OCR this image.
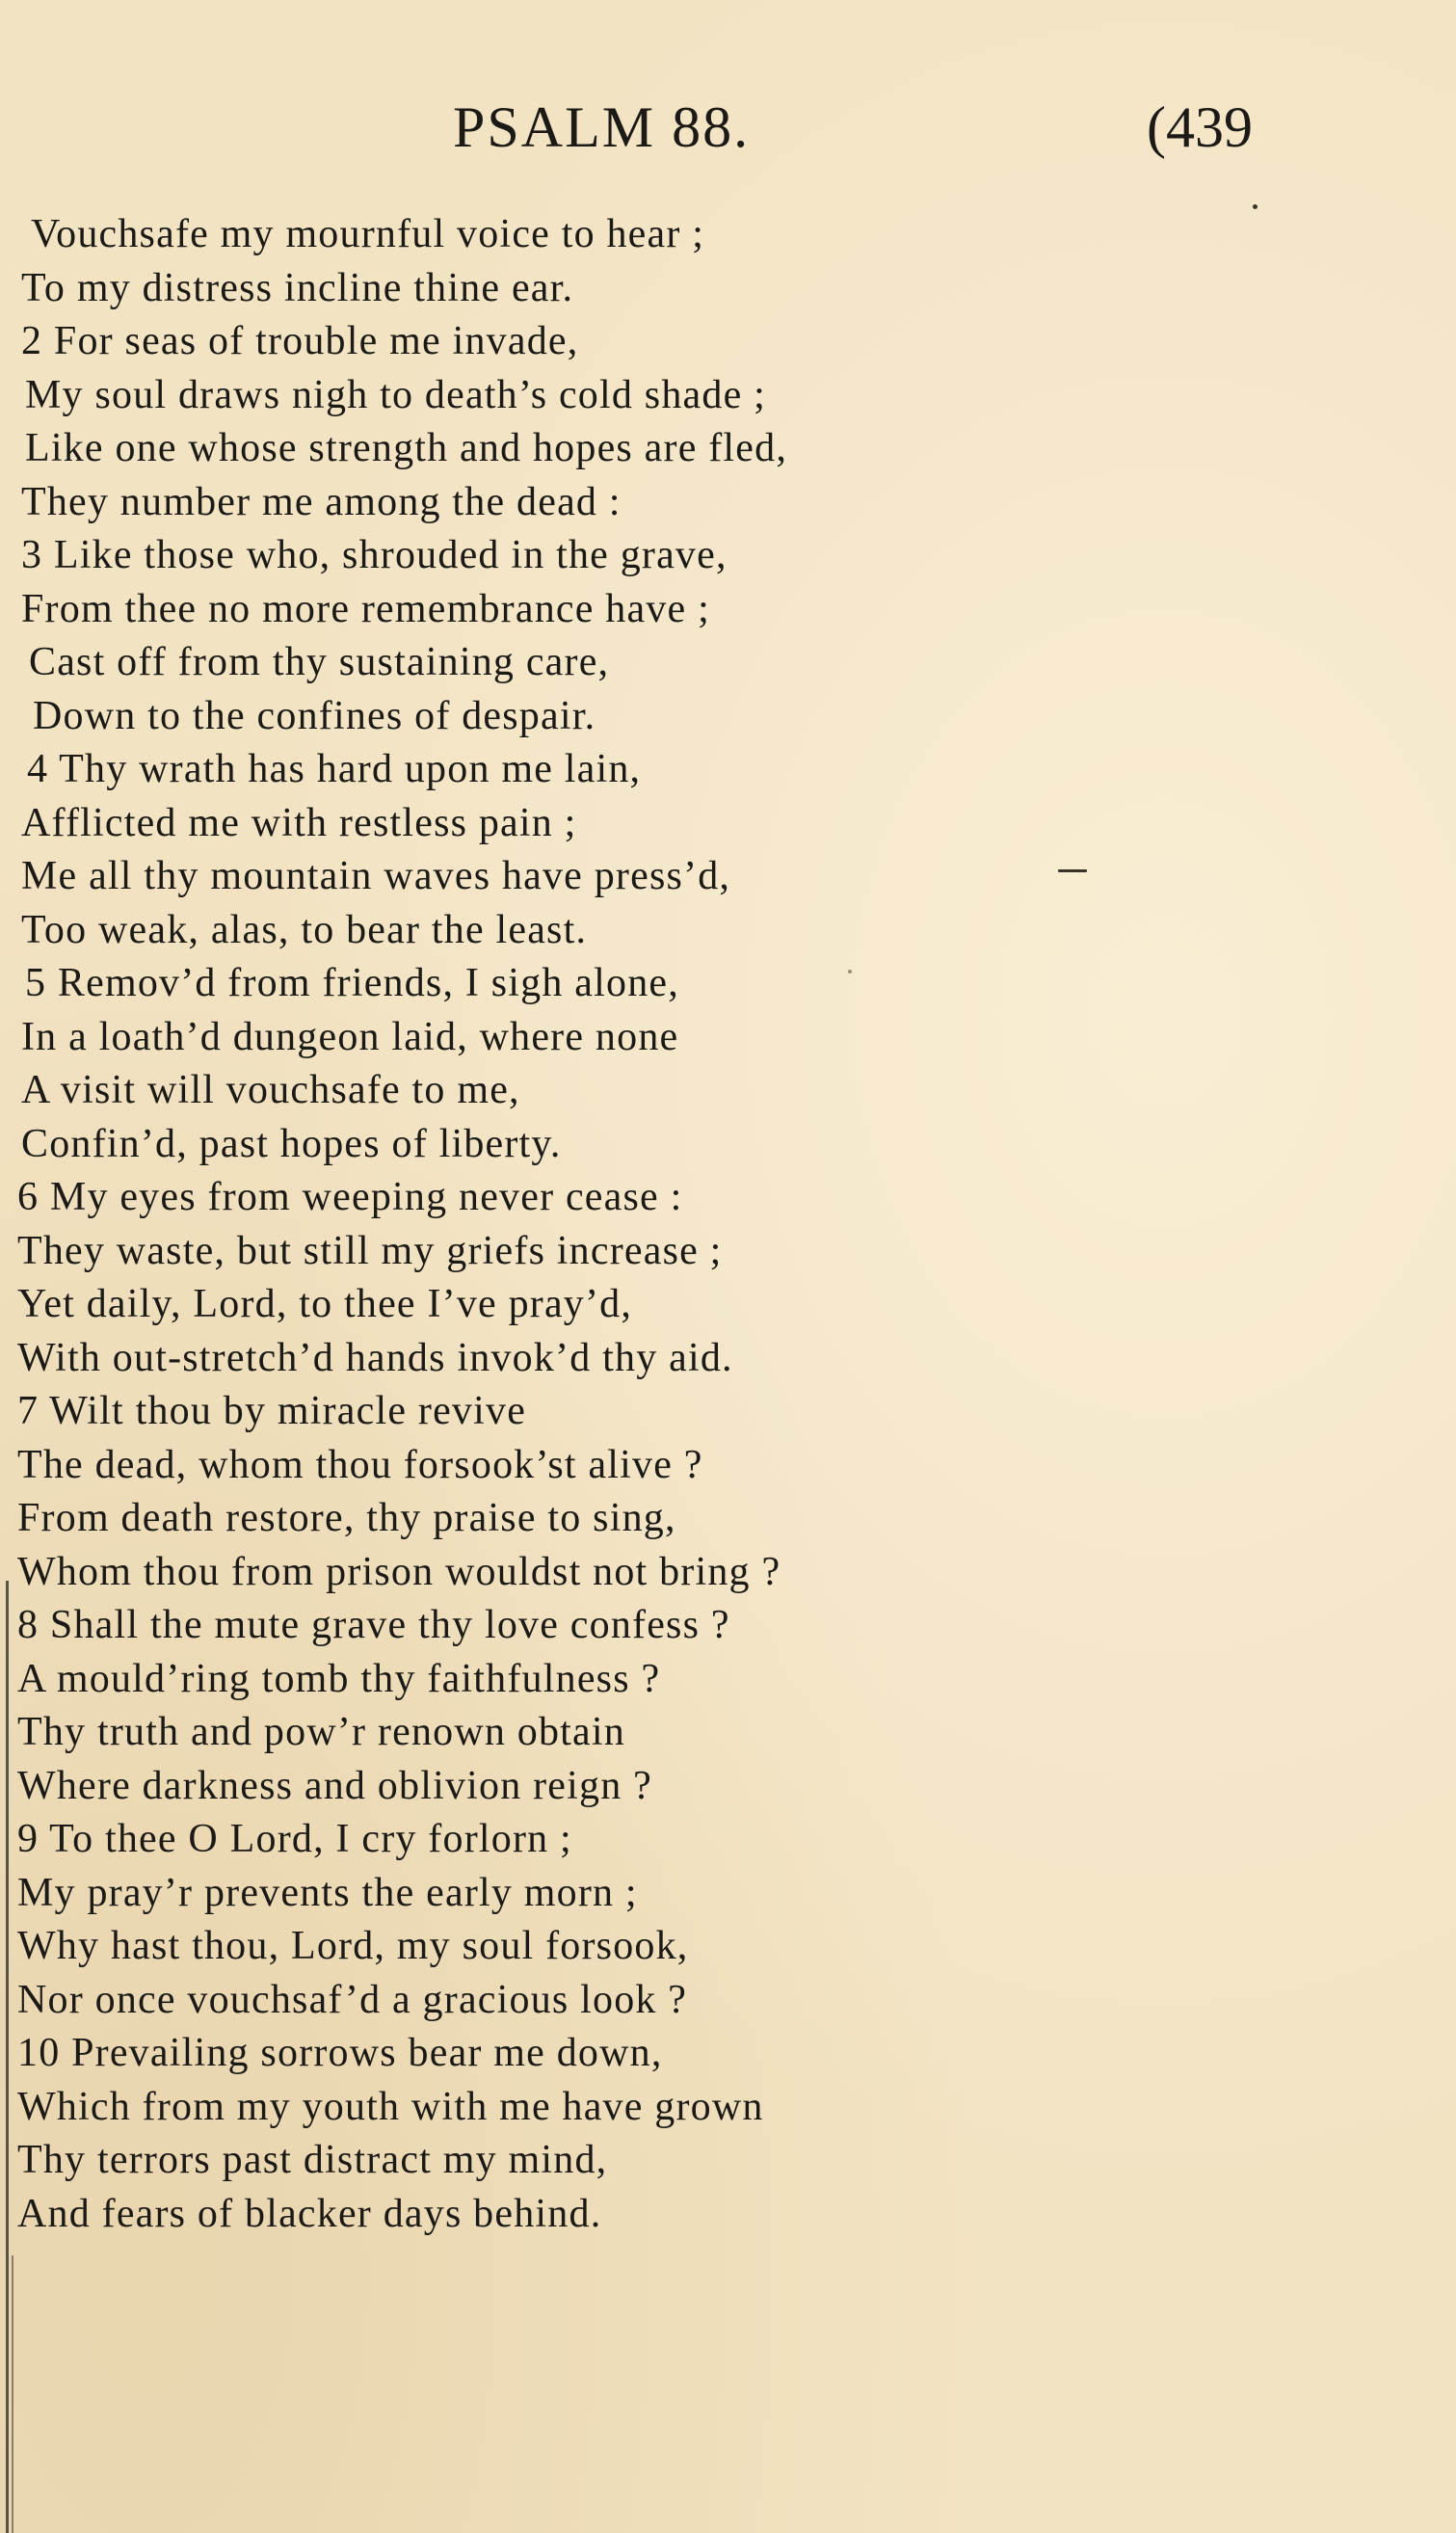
PSALM 88.	(439
Vouchsafe my mournful voice to hear ;
To my distress incline thine ear.
2 For seas of trouble me invade,
My soul draws nigh to death’s cold shade ;
Like one whose strength and hopes are fled,
They number me among the dead :
3 Like those who, shrouded in the grave,
From thee no more remembrance have ;
Cast off from thy sustaining care,
Down to the confines of despair.
4 Thy wrath has hard upon me lain,
Afflicted me with restless pain ;
Me all thy mountain waves have press’d,
Too weak, alas, to bear the least.
5 Remov’d from friends, I sigh alone,
In a loath’d dungeon laid, where none
A visit will vouchsafe to me,
Confin’d, past hopes of liberty.
6 My eyes from weeping never cease :
They waste, but still my griefs increase ;
Yet daily, Lord, to thee I’ve pray’d,
With out-stretch’d hands invok’d thy aid.
7 Wilt thou by miracle revive
The dead, whom thou forsook’st alive ?
From death restore, thy praise to sing,
Whom thou from prison wouldst not bring ?
8 Shall the mute grave thy love confess ?
A mould’ring tomb thy faithfulness ?
Thy truth and pow’r renown obtain
Where darkness and oblivion reign ?
9 To thee O Lord, I cry forlorn ;
My pray’r prevents the early morn ;
Why hast thou, Lord, my soul forsook,
Nor once vouchsaf’d a gracious look ?
10 Prevailing sorrows bear me down,
Which from my youth with me have grown
Thy terrors past distract my mind,
And fears of blacker days behind.
